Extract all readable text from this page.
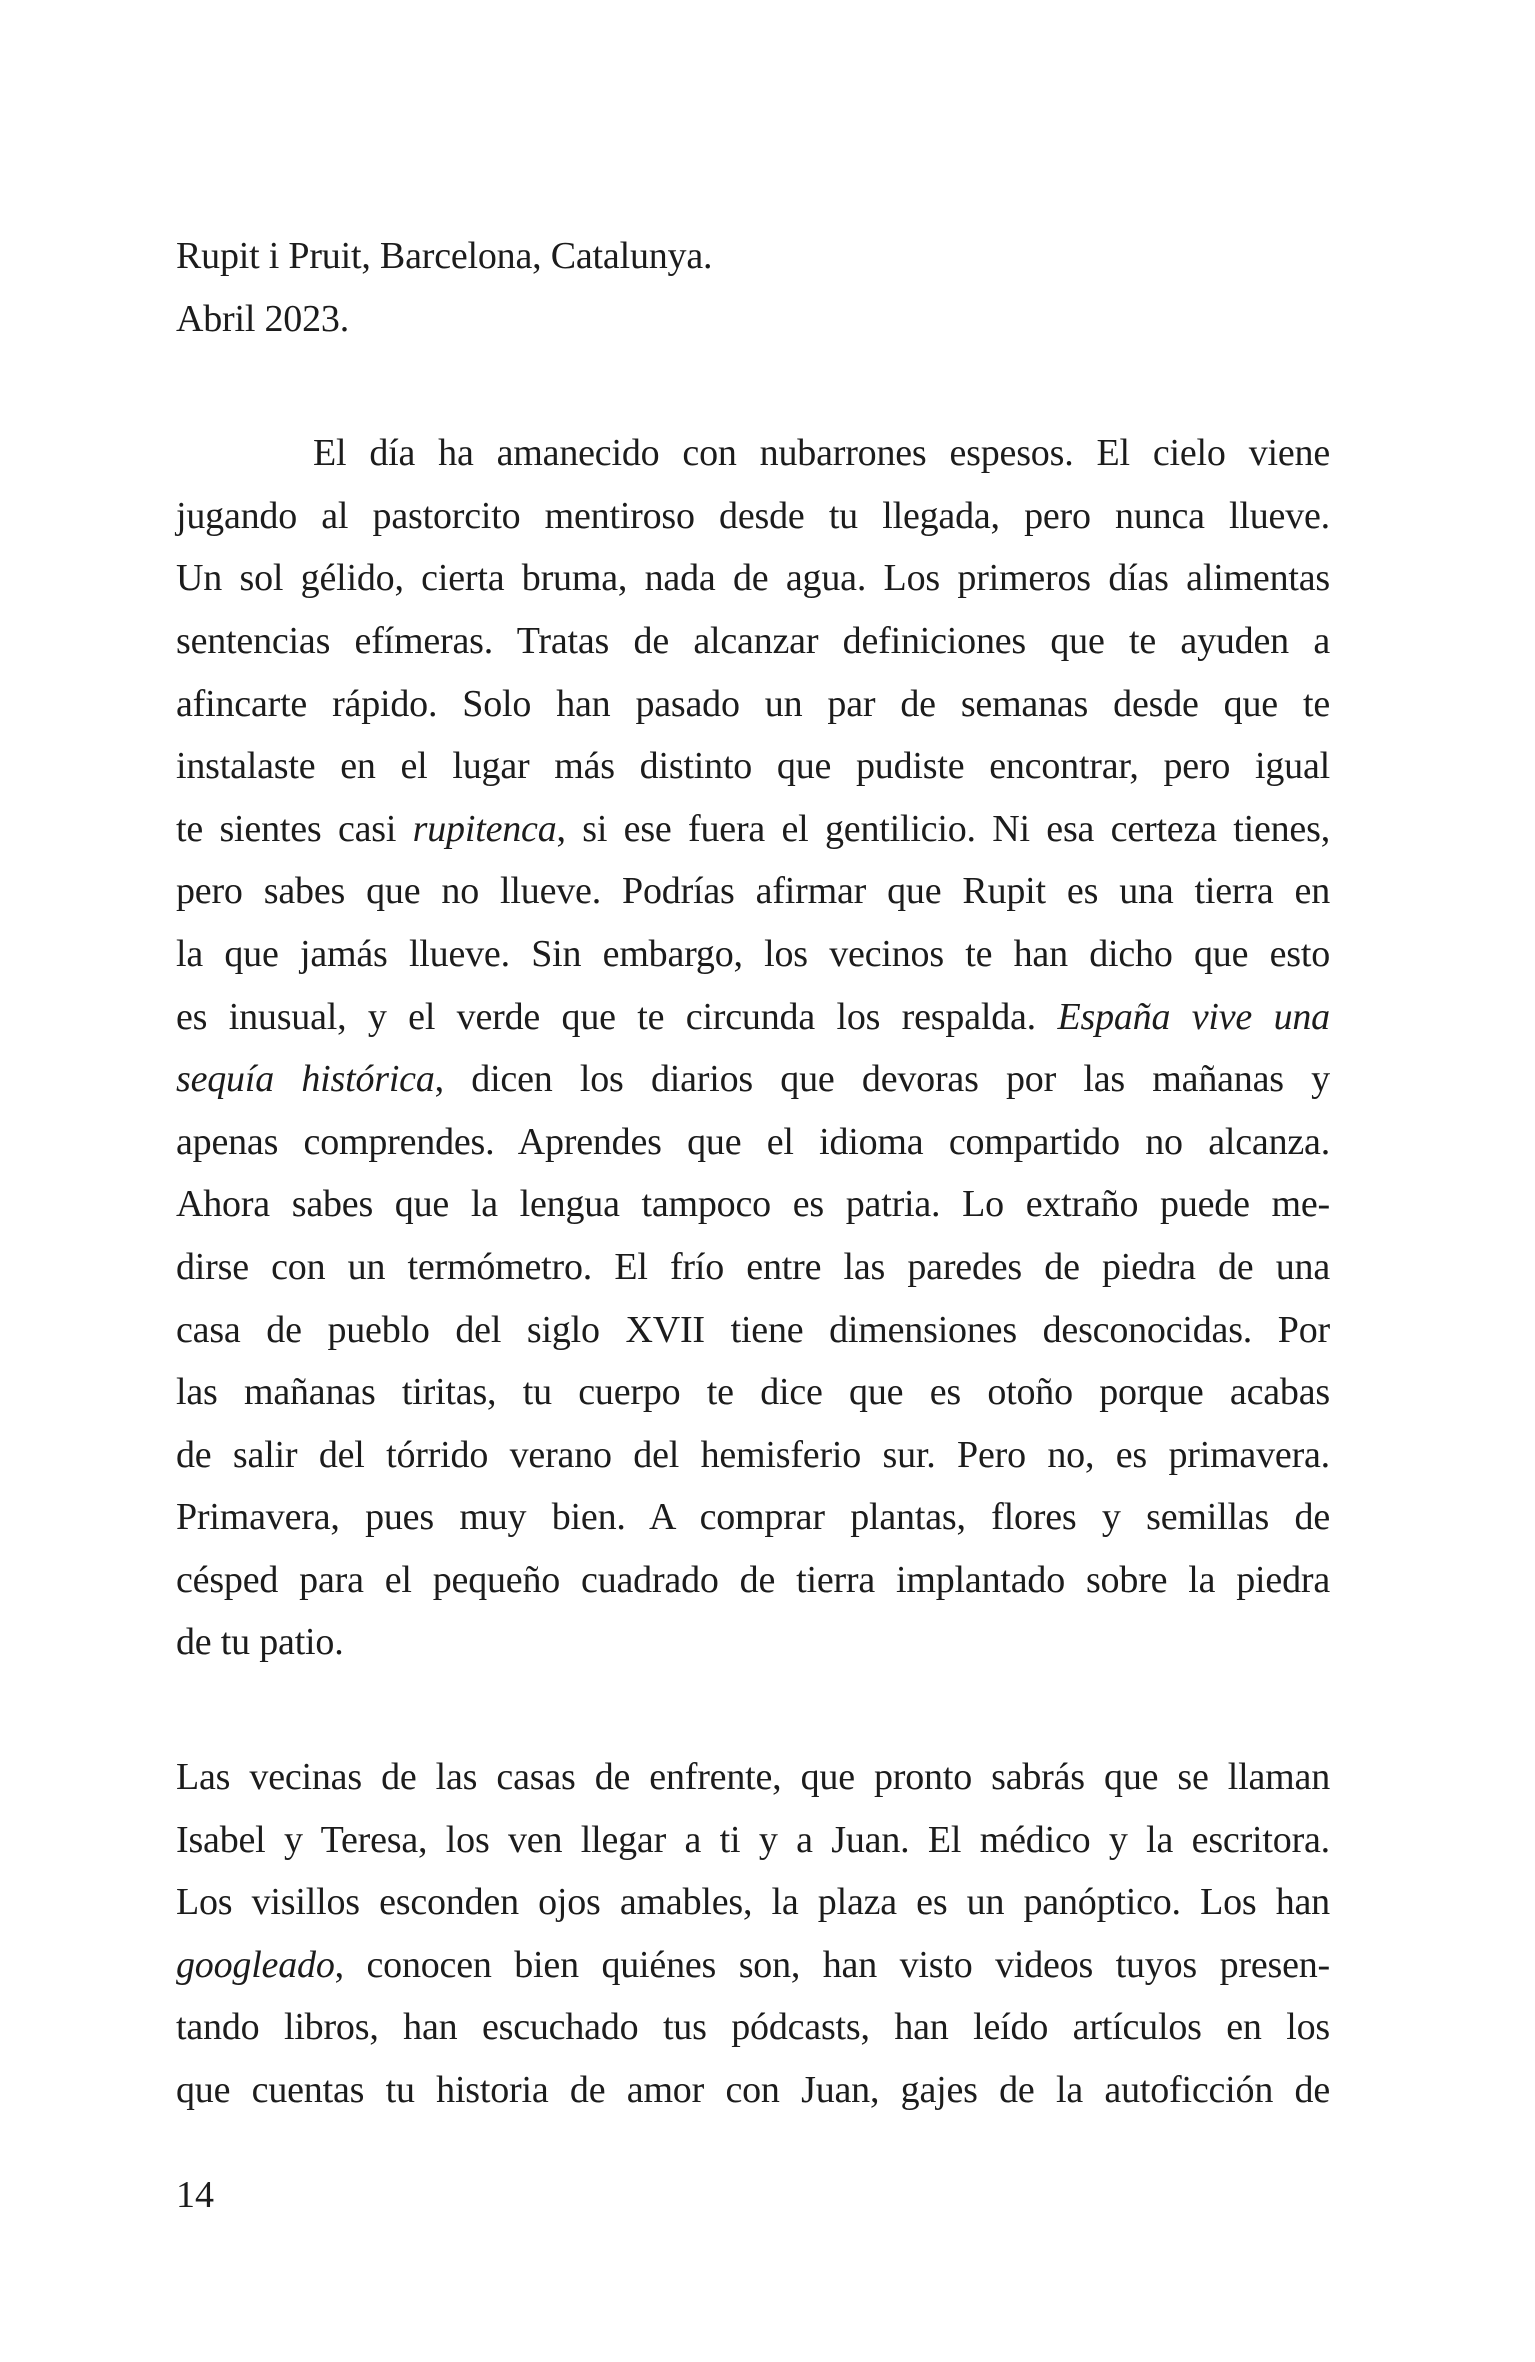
Rupit i Pruit, Barcelona, Catalunya.
Abril 2023.
El día ha amanecido con nubarrones espesos. El cielo viene
jugando al pastorcito mentiroso desde tu llegada, pero nunca llueve.
Un sol gélido, cierta bruma, nada de agua. Los primeros días alimentas
sentencias efímeras. Tratas de alcanzar definiciones que te ayuden a
afincarte rápido. Solo han pasado un par de semanas desde que te
instalaste en el lugar más distinto que pudiste encontrar, pero igual
te sientes casi rupitenca, si ese fuera el gentilicio. Ni esa certeza tienes,
pero sabes que no llueve. Podrías afirmar que Rupit es una tierra en
la que jamás llueve. Sin embargo, los vecinos te han dicho que esto
es inusual, y el verde que te circunda los respalda. España vive una
sequía histórica, dicen los diarios que devoras por las mañanas y
apenas comprendes. Aprendes que el idioma compartido no alcanza.
Ahora sabes que la lengua tampoco es patria. Lo extraño puede me-
dirse con un termómetro. El frío entre las paredes de piedra de una
casa de pueblo del siglo XVII tiene dimensiones desconocidas. Por
las mañanas tiritas, tu cuerpo te dice que es otoño porque acabas
de salir del tórrido verano del hemisferio sur. Pero no, es primavera.
Primavera, pues muy bien. A comprar plantas, flores y semillas de
césped para el pequeño cuadrado de tierra implantado sobre la piedra
de tu patio.
Las vecinas de las casas de enfrente, que pronto sabrás que se llaman
Isabel y Teresa, los ven llegar a ti y a Juan. El médico y la escritora.
Los visillos esconden ojos amables, la plaza es un panóptico. Los han
googleado, conocen bien quiénes son, han visto videos tuyos presen-
tando libros, han escuchado tus pódcasts, han leído artículos en los
que cuentas tu historia de amor con Juan, gajes de la autoficción de
14
